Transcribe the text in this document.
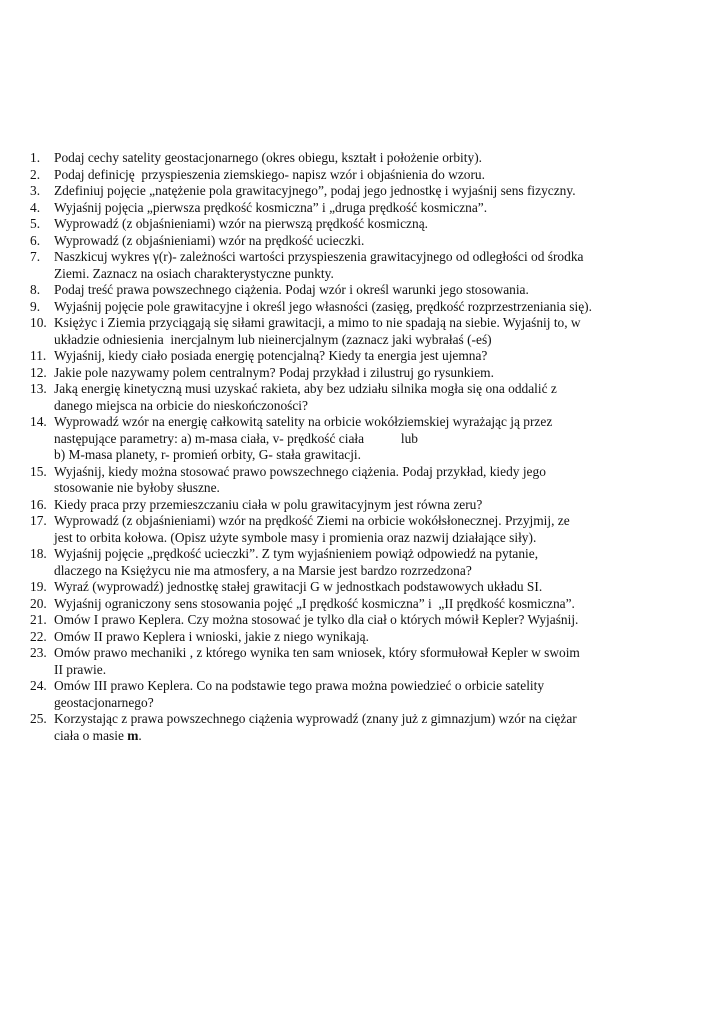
1.	Podaj cechy satelity geostacjonarnego (okres obiegu, kształt i położenie orbity).
2.	Podaj definicję  przyspieszenia ziemskiego- napisz wzór i objaśnienia do wzoru.
3.	Zdefiniuj pojęcie „natężenie pola grawitacyjnego”, podaj jego jednostkę i wyjaśnij sens fizyczny.
4.	Wyjaśnij pojęcia „pierwsza prędkość kosmiczna” i „druga prędkość kosmiczna”.
5.	Wyprowadź (z objaśnieniami) wzór na pierwszą prędkość kosmiczną.
6.	Wyprowadź (z objaśnieniami) wzór na prędkość ucieczki.
7.	Naszkicuj wykres γ(r)- zależności wartości przyspieszenia grawitacyjnego od odległości od środka
Ziemi. Zaznacz na osiach charakterystyczne punkty.
8.	Podaj treść prawa powszechnego ciążenia. Podaj wzór i określ warunki jego stosowania.
9.	Wyjaśnij pojęcie pole grawitacyjne i określ jego własności (zasięg, prędkość rozprzestrzeniania się).
10. Księżyc i Ziemia przyciągają się siłami grawitacji, a mimo to nie spadają na siebie. Wyjaśnij to, w
układzie odniesienia  inercjalnym lub nieinercjalnym (zaznacz jaki wybrałaś (-eś)
11. Wyjaśnij, kiedy ciało posiada energię potencjalną? Kiedy ta energia jest ujemna?
12. Jakie pole nazywamy polem centralnym? Podaj przykład i zilustruj go rysunkiem.
13. Jaką energię kinetyczną musi uzyskać rakieta, aby bez udziału silnika mogła się ona oddalić z
danego miejsca na orbicie do nieskończoności?
14. Wyprowadź wzór na energię całkowitą satelity na orbicie wokółziemskiej wyrażając ją przez
następujące parametry: a) m-masa ciała, v- prędkość ciała           lub
b) M-masa planety, r- promień orbity, G- stała grawitacji.
15. Wyjaśnij, kiedy można stosować prawo powszechnego ciążenia. Podaj przykład, kiedy jego
stosowanie nie byłoby słuszne.
16. Kiedy praca przy przemieszczaniu ciała w polu grawitacyjnym jest równa zeru?
17. Wyprowadź (z objaśnieniami) wzór na prędkość Ziemi na orbicie wokółsłonecznej. Przyjmij, ze
jest to orbita kołowa. (Opisz użyte symbole masy i promienia oraz nazwij działające siły).
18. Wyjaśnij pojęcie „prędkość ucieczki”. Z tym wyjaśnieniem powiąż odpowiedź na pytanie,
dlaczego na Księżycu nie ma atmosfery, a na Marsie jest bardzo rozrzedzona?
19. Wyraź (wyprowadź) jednostkę stałej grawitacji G w jednostkach podstawowych układu SI.
20. Wyjaśnij ograniczony sens stosowania pojęć „I prędkość kosmiczna” i  „II prędkość kosmiczna”.
21. Omów I prawo Keplera. Czy można stosować je tylko dla ciał o których mówił Kepler? Wyjaśnij.
22. Omów II prawo Keplera i wnioski, jakie z niego wynikają.
23. Omów prawo mechaniki , z którego wynika ten sam wniosek, który sformułował Kepler w swoim
II prawie.
24. Omów III prawo Keplera. Co na podstawie tego prawa można powiedzieć o orbicie satelity
geostacjonarnego?
25. Korzystając z prawa powszechnego ciążenia wyprowadź (znany już z gimnazjum) wzór na ciężar
ciała o masie m.
